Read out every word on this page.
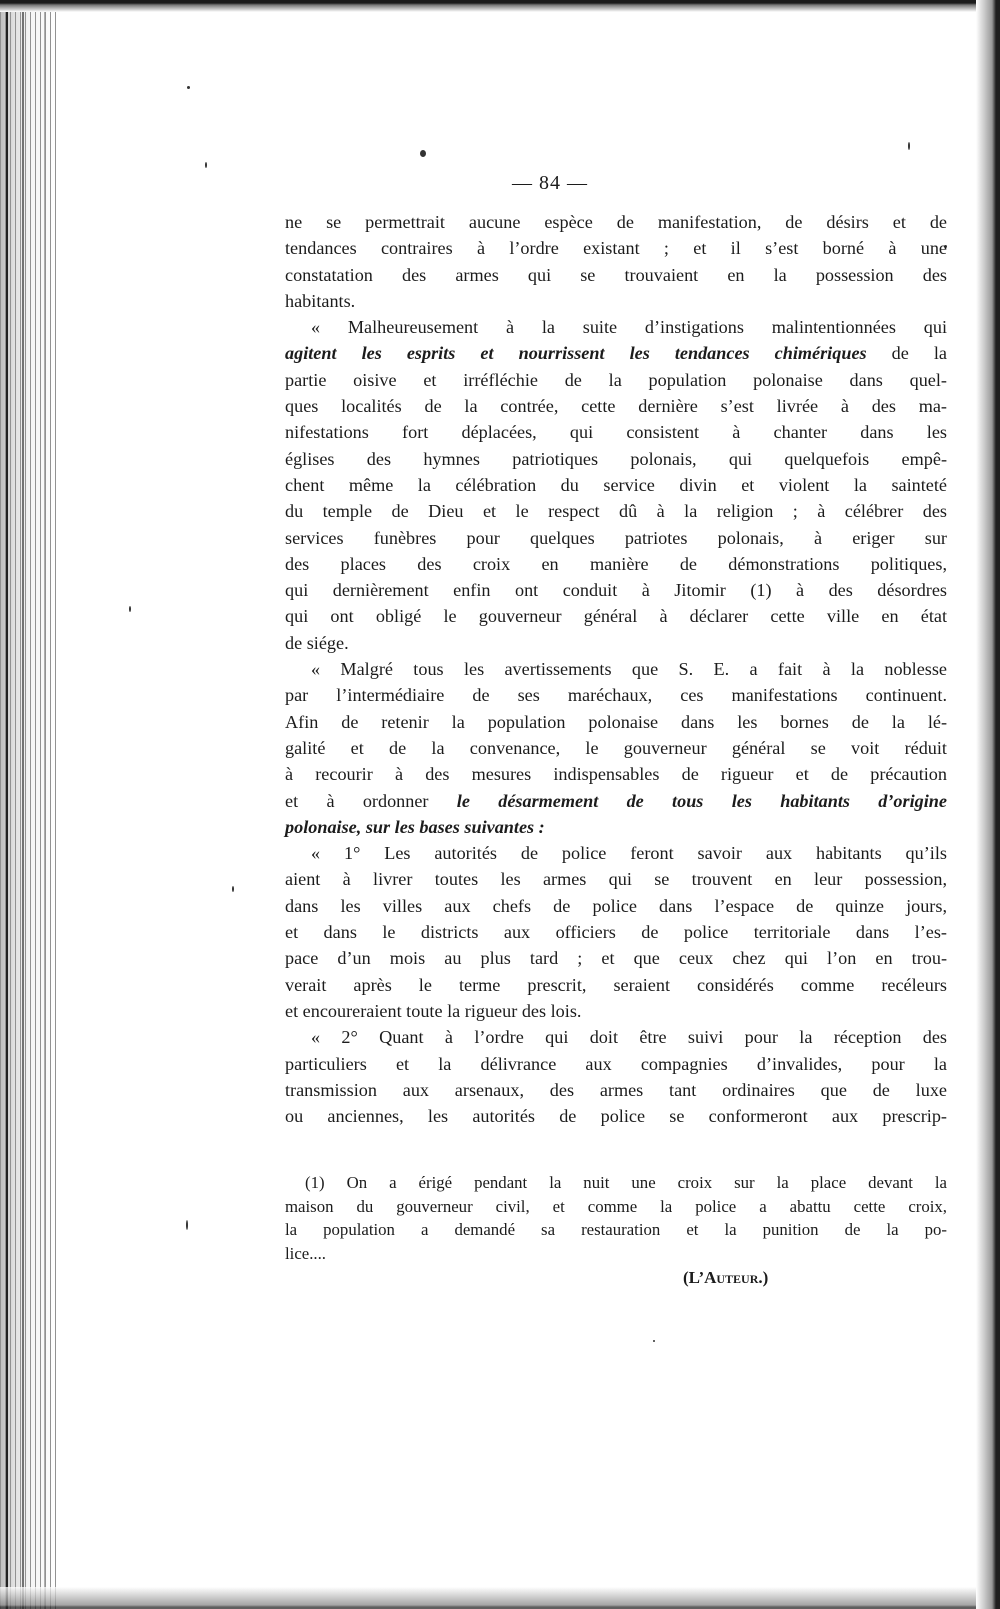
— 84 —
ne se permettrait aucune espèce de manifestation, de désirs et de
tendances contraires à l’ordre existant ; et il s’est borné à une
constatation des armes qui se trouvaient en la possession des
habitants.
« Malheureusement à la suite d’instigations malintentionnées qui
agitent les esprits et nourrissent les tendances chimériques de la
partie oisive et irréfléchie de la population polonaise dans quel-
ques localités de la contrée, cette dernière s’est livrée à des ma-
nifestations fort déplacées, qui consistent à chanter dans les
églises des hymnes patriotiques polonais, qui quelquefois empê-
chent même la célébration du service divin et violent la sainteté
du temple de Dieu et le respect dû à la religion ; à célébrer des
services funèbres pour quelques patriotes polonais, à eriger sur
des places des croix en manière de démonstrations politiques,
qui dernièrement enfin ont conduit à Jitomir (1) à des désordres
qui ont obligé le gouverneur général à déclarer cette ville en état
de siége.
« Malgré tous les avertissements que S. E. a fait à la noblesse
par l’intermédiaire de ses maréchaux, ces manifestations continuent.
Afin de retenir la population polonaise dans les bornes de la lé-
galité et de la convenance, le gouverneur général se voit réduit
à recourir à des mesures indispensables de rigueur et de précaution
et à ordonner le désarmement de tous les habitants d’origine
polonaise, sur les bases suivantes :
« 1° Les autorités de police feront savoir aux habitants qu’ils
aient à livrer toutes les armes qui se trouvent en leur possession,
dans les villes aux chefs de police dans l’espace de quinze jours,
et dans le districts aux officiers de police territoriale dans l’es-
pace d’un mois au plus tard ; et que ceux chez qui l’on en trou-
verait après le terme prescrit, seraient considérés comme recéleurs
et encoureraient toute la rigueur des lois.
« 2° Quant à l’ordre qui doit être suivi pour la réception des
particuliers et la délivrance aux compagnies d’invalides, pour la
transmission aux arsenaux, des armes tant ordinaires que de luxe
ou anciennes, les autorités de police se conformeront aux prescrip-
(1) On a érigé pendant la nuit une croix sur la place devant la
maison du gouverneur civil, et comme la police a abattu cette croix,
la population a demandé sa restauration et la punition de la po-
lice....
(L’Auteur.)
